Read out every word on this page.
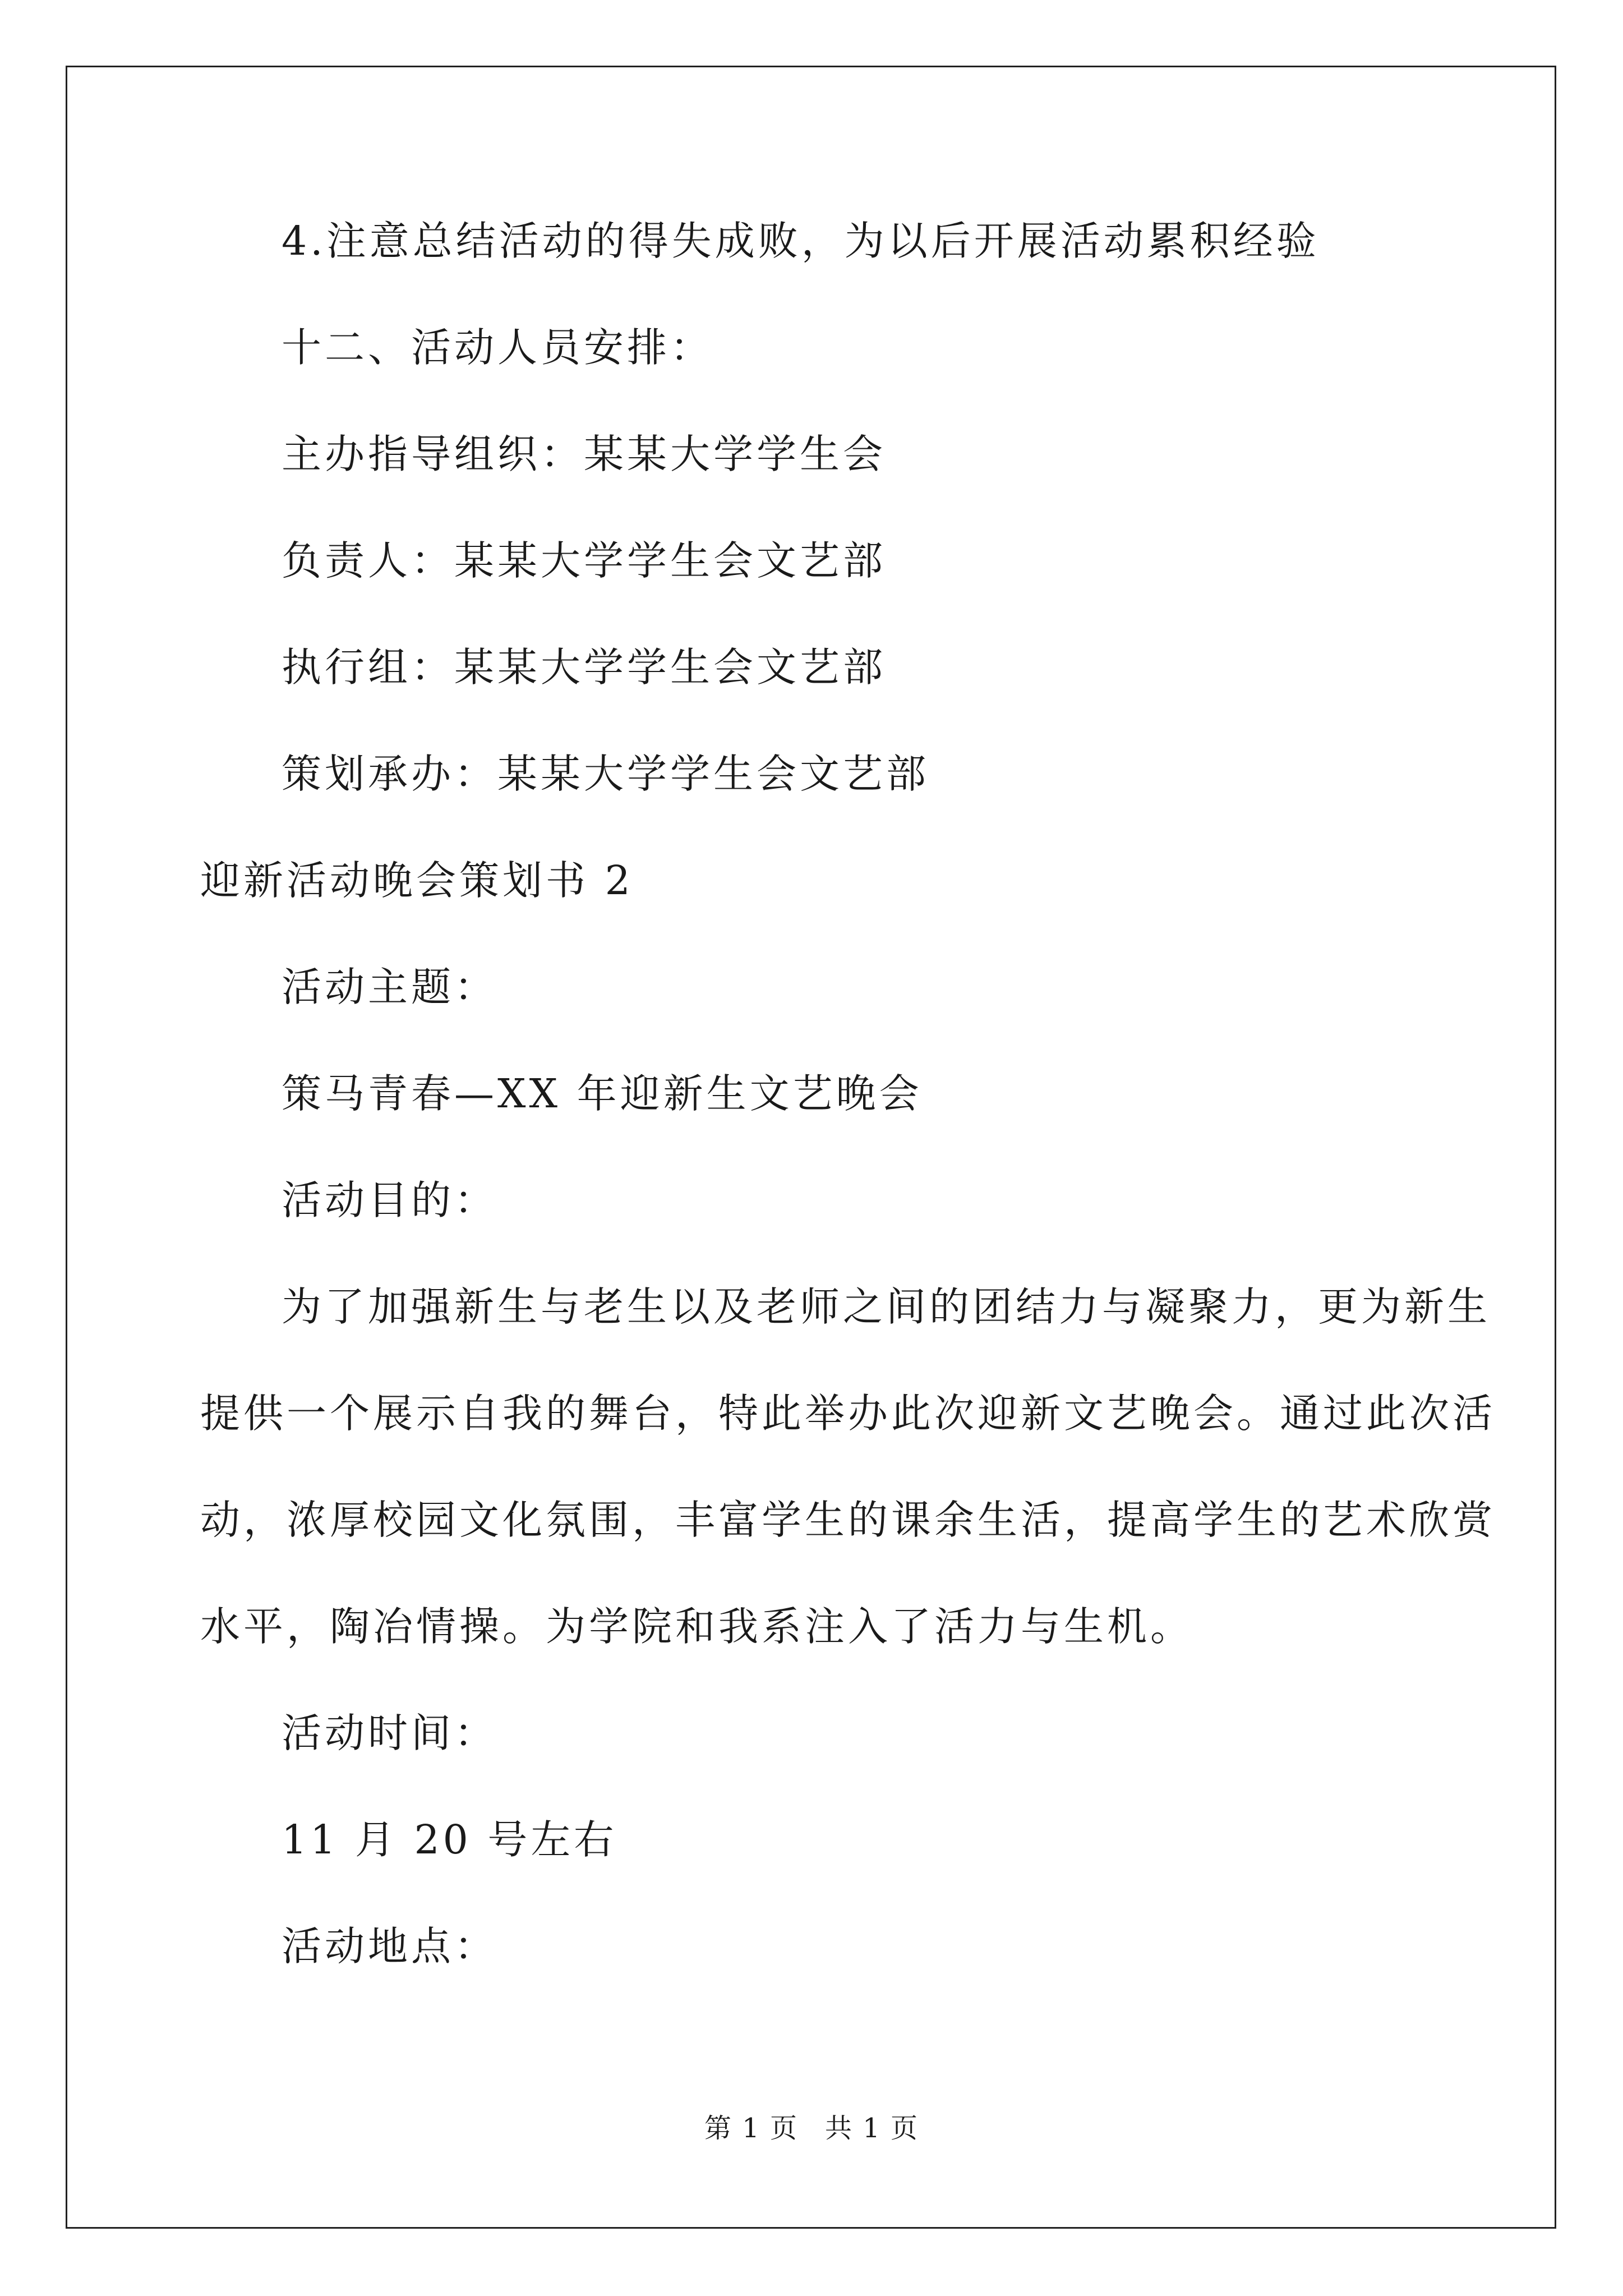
4.注意总结活动的得失成败，为以后开展活动累积经验
十二、活动人员安排：
主办指导组织：某某大学学生会
负责人：某某大学学生会文艺部
执行组：某某大学学生会文艺部
策划承办：某某大学学生会文艺部
迎新活动晚会策划书 2
活动主题：
策马青春—XX 年迎新生文艺晚会
活动目的：
为了加强新生与老生以及老师之间的团结力与凝聚力，更为新生
提供一个展示自我的舞台，特此举办此次迎新文艺晚会。通过此次活
动，浓厚校园文化氛围，丰富学生的课余生活，提高学生的艺术欣赏
水平，陶冶情操。为学院和我系注入了活力与生机。
活动时间：
11 月 20 号左右
活动地点：
第 1 页 共 1 页
